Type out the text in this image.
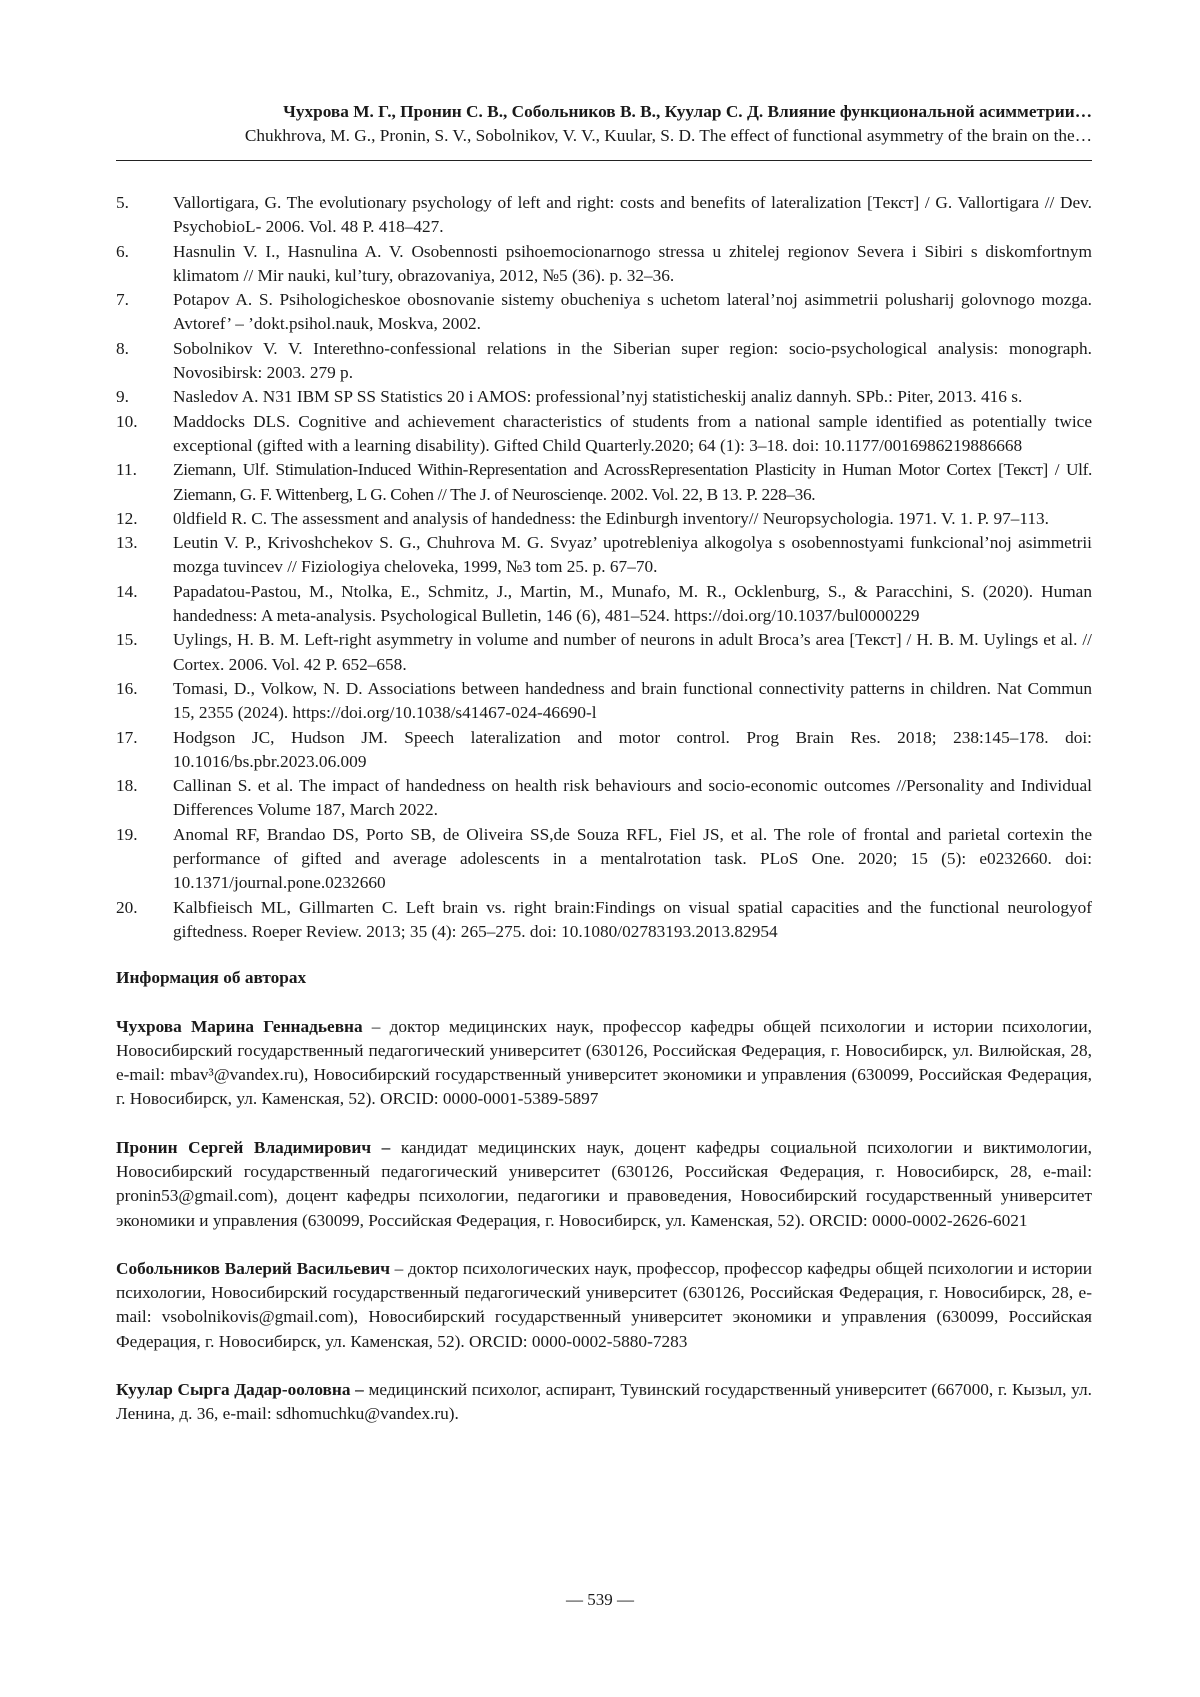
Чухрова М. Г., Пронин С. В., Собольников В. В., Куулар С. Д. Влияние функциональной асимметрии…
Chukhrova, M. G., Pronin, S. V., Sobolnikov, V. V., Kuular, S. D. The effect of functional asymmetry of the brain on the…
5.	Vallortigara, G. The evolutionary psychology of left and right: costs and benefits of lateralization [Текст] / G. Vallortigara // Dev. PsychobioL- 2006. Vol. 48 P. 418–427.
6.	Hasnulin V. I., Hasnulina A. V. Osobennosti psihoemocionarnogo stressa u zhitelej regionov Severa i Sibiri s diskomfortnym klimatom // Mir nauki, kul’tury, obrazovaniya, 2012, №5 (36). p. 32–36.
7.	Potapov A. S. Psihologicheskoe obosnovanie sistemy obucheniya s uchetom lateral’noj asimmetrii polusharij golovnogo mozga. Avtoref’ – ’dokt.psihol.nauk, Moskva, 2002.
8.	Sobolnikov V. V. Interethno-confessional relations in the Siberian super region: socio-psychological analysis: monograph. Novosibirsk: 2003. 279 p.
9.	Nasledov A. N31 IBM SP SS Statistics 20 i AMOS: professional’nyj statisticheskij analiz dannyh. SPb.: Piter, 2013. 416 s.
10. Maddocks DLS. Cognitive and achievement characteristics of students from a national sample identified as potentially twice exceptional (gifted with a learning disability). Gifted Child Quarterly.2020; 64 (1): 3–18. doi: 10.1177/0016986219886668
11. Ziemann, Ulf. Stimulation-Induced Within-Representation and AcrossRepresentation Plasticity in Human Motor Cortex [Текст] / Ulf. Ziemann, G. F. Wittenberg, L G. Cohen // The J. of Neuroscienqe. 2002. Vol. 22, B 13. P. 228–36.
12. 0ldfield R. C. The assessment and analysis of handedness: the Edinburgh inventory// Neuropsychologia. 1971. V. 1. P. 97–113.
13. Leutin V. P., Krivoshchekov S. G., Chuhrova M. G. Svyaz’ upotrebleniya alkogolya s osobennostyami funkcional’noj asimmetrii mozga tuvincev // Fiziologiya cheloveka, 1999, №3 tom 25. p. 67–70.
14. Papadatou-Pastou, M., Ntolka, E., Schmitz, J., Martin, M., Munafo, M. R., Ocklenburg, S., & Paracchini, S. (2020). Human handedness: A meta-analysis. Psychological Bulletin, 146 (6), 481–524. https://doi.org/10.1037/bul0000229
15. Uylings, H. B. M. Left-right asymmetry in volume and number of neurons in adult Broca’s area [Текст] / H. B. M. Uylings et al. // Cortex. 2006. Vol. 42 P. 652–658.
16. Tomasi, D., Volkow, N. D. Associations between handedness and brain functional connectivity patterns in children. Nat Commun 15, 2355 (2024). https://doi.org/10.1038/s41467-024-46690-l
17. Hodgson JC, Hudson JM. Speech lateralization and motor control. Prog Brain Res. 2018; 238:145–178. doi: 10.1016/bs.pbr.2023.06.009
18. Callinan S. et al. The impact of handedness on health risk behaviours and socio-economic outcomes //Personality and Individual Differences Volume 187, March 2022.
19. Anomal RF, Brandao DS, Porto SB, de Oliveira SS,de Souza RFL, Fiel JS, et al. The role of frontal and parietal cortexin the performance of gifted and average adolescents in a mentalrotation task. PLoS One. 2020; 15 (5): e0232660. doi: 10.1371/journal.pone.0232660
20. Kalbfieisch ML, Gillmarten C. Left brain vs. right brain:Findings on visual spatial capacities and the functional neurologyof giftedness. Roeper Review. 2013; 35 (4): 265–275. doi: 10.1080/02783193.2013.82954
Информация об авторах
Чухрова Марина Геннадьевна – доктор медицинских наук, профессор кафедры общей психологии и истории психологии, Новосибирский государственный педагогический университет (630126, Российская Федерация, г. Новосибирск, ул. Вилюйская, 28, e-mail: mbav³@vandex.ru), Новосибирский государственный университет экономики и управления (630099, Российская Федерация, г. Новосибирск, ул. Каменская, 52). ORCID: 0000-0001-5389-5897
Пронин Сергей Владимирович – кандидат медицинских наук, доцент кафедры социальной психологии и виктимологии, Новосибирский государственный педагогический университет (630126, Российская Федерация, г. Новосибирск, 28, e-mail: pronin53@gmail.com), доцент кафедры психологии, педагогики и правоведения, Новосибирский государственный университет экономики и управления (630099, Российская Федерация, г. Новосибирск, ул. Каменская, 52). ORCID: 0000-0002-2626-6021
Собольников Валерий Васильевич – доктор психологических наук, профессор, профессор кафедры общей психологии и истории психологии, Новосибирский государственный педагогический университет (630126, Российская Федерация, г. Новосибирск, 28, e-mail: vsobolnikovis@gmail.com), Новосибирский государственный университет экономики и управления (630099, Российская Федерация, г. Новосибирск, ул. Каменская, 52). ORCID: 0000-0002-5880-7283
Куулар Сырга Дадар-ооловна – медицинский психолог, аспирант, Тувинский государственный университет (667000, г. Кызыл, ул. Ленина, д. 36, e-mail: sdhomuchku@vandex.ru).
— 539 —
